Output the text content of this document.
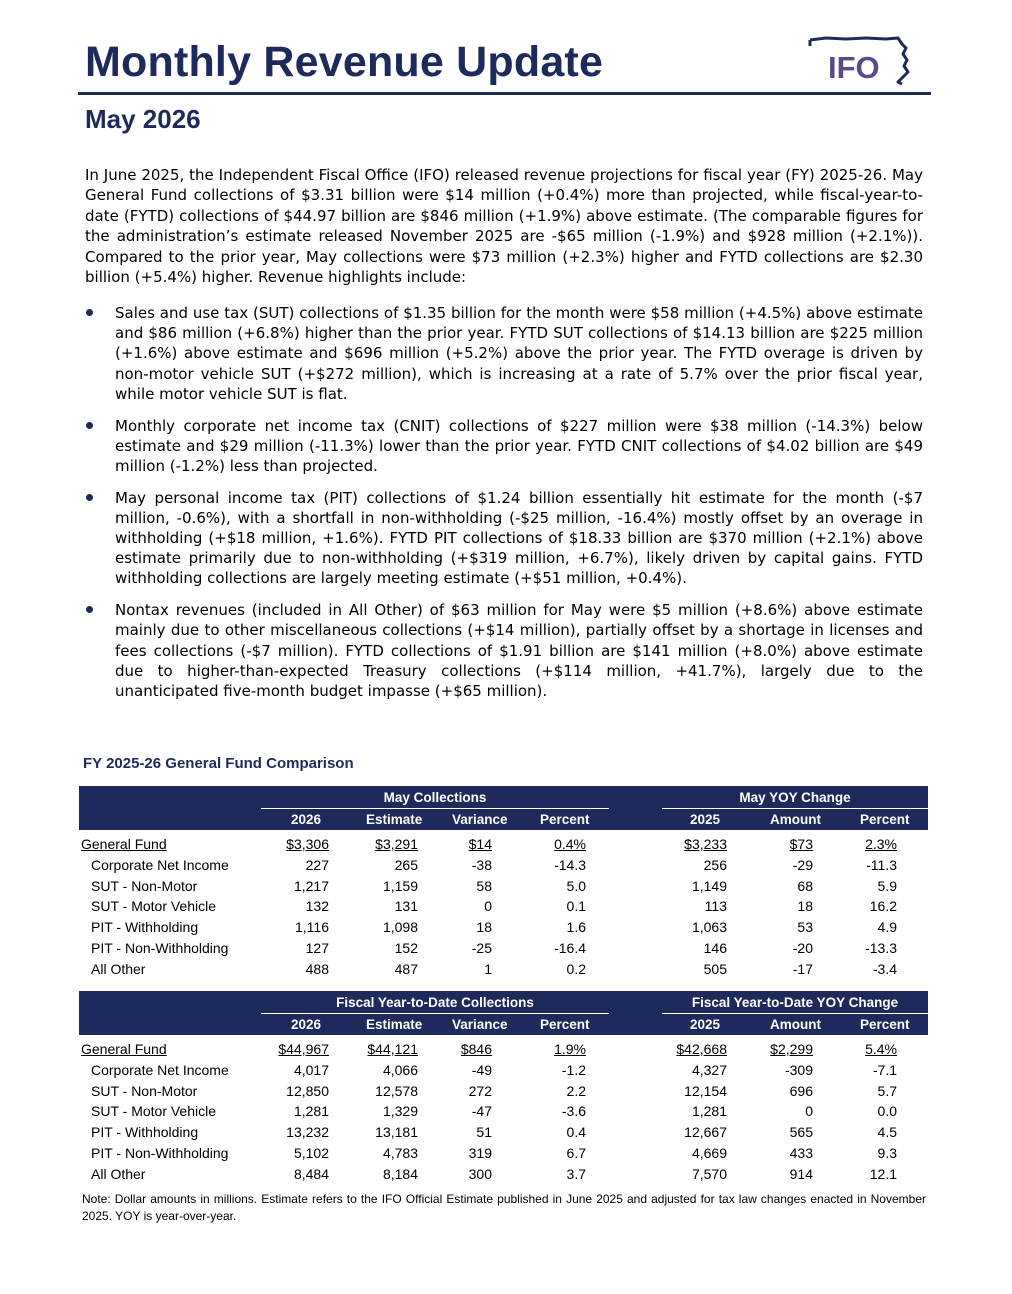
Monthly Revenue Update	IFO
May 2026

In June 2025, the Independent Fiscal Office (IFO) released revenue projections for fiscal year (FY) 2025-26. May General Fund collections of $3.31 billion were $14 million (+0.4%) more than projected, while fiscal-year-to-date (FYTD) collections of $44.97 billion are $846 million (+1.9%) above estimate. (The comparable figures for the administration’s estimate released November 2025 are -$65 million (-1.9%) and $928 million (+2.1%)). Compared to the prior year, May collections were $73 million (+2.3%) higher and FYTD collections are $2.30 billion (+5.4%) higher. Revenue highlights include:

Sales and use tax (SUT) collections of $1.35 billion for the month were $58 million (+4.5%) above estimate and $86 million (+6.8%) higher than the prior year. FYTD SUT collections of $14.13 billion are $225 million (+1.6%) above estimate and $696 million (+5.2%) above the prior year. The FYTD overage is driven by non-motor vehicle SUT (+$272 million), which is increasing at a rate of 5.7% over the prior fiscal year, while motor vehicle SUT is flat.
Monthly corporate net income tax (CNIT) collections of $227 million were $38 million (-14.3%) below estimate and $29 million (-11.3%) lower than the prior year. FYTD CNIT collections of $4.02 billion are $49 million (-1.2%) less than projected.
May personal income tax (PIT) collections of $1.24 billion essentially hit estimate for the month (-$7 million, -0.6%), with a shortfall in non-withholding (-$25 million, -16.4%) mostly offset by an overage in withholding (+$18 million, +1.6%). FYTD PIT collections of $18.33 billion are $370 million (+2.1%) above estimate primarily due to non-withholding (+$319 million, +6.7%), likely driven by capital gains. FYTD withholding collections are largely meeting estimate (+$51 million, +0.4%).
Nontax revenues (included in All Other) of $63 million for May were $5 million (+8.6%) above estimate mainly due to other miscellaneous collections (+$14 million), partially offset by a shortage in licenses and fees collections (-$7 million). FYTD collections of $1.91 billion are $141 million (+8.0%) above estimate due to higher-than-expected Treasury collections (+$114 million, +41.7%), largely due to the unanticipated five-month budget impasse (+$65 million).
FY 2025-26 General Fund Comparison
May Collections	May YOY Change
2026	Estimate Variance Percent	2025	Amount	Percent
General Fund	$3,306	$3,291	$14	0.4%	$3,233	$73	2.3%
Corporate Net Income	227	265	-38	-14.3	256	-29	-11.3
SUT - Non-Motor	1,217	1,159	58	5.0	1,149	68	5.9
SUT - Motor Vehicle	132	131	0	0.1	113	18	16.2
PIT - Withholding	1,116	1,098	18	1.6	1,063	53	4.9
PIT - Non-Withholding	127	152	-25	-16.4	146	-20	-13.3
All Other	488	487	1	0.2	505	-17	-3.4
Fiscal Year-to-Date Collections	Fiscal Year-to-Date YOY Change
2026	Estimate Variance Percent	2025	Amount	Percent
General Fund	$44,967	$44,121	$846	1.9%	$42,668	$2,299	5.4%
Corporate Net Income	4,017	4,066	-49	-1.2	4,327	-309	-7.1
SUT - Non-Motor	12,850	12,578	272	2.2	12,154	696	5.7
SUT - Motor Vehicle	1,281	1,329	-47	-3.6	1,281	0	0.0
PIT - Withholding	13,232	13,181	51	0.4	12,667	565	4.5
PIT - Non-Withholding	5,102	4,783	319	6.7	4,669	433	9.3
All Other	8,484	8,184	300	3.7	7,570	914	12.1
Note: Dollar amounts in millions. Estimate refers to the IFO Official Estimate published in June 2025 and adjusted for tax law changes enacted in November 2025. YOY is year-over-year.
